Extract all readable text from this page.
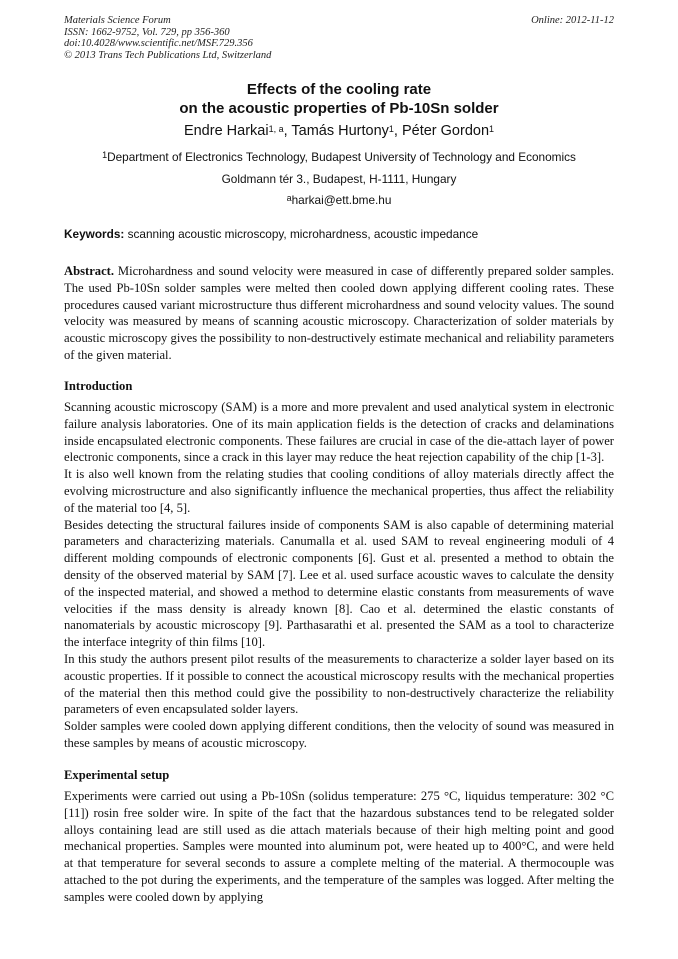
Materials Science Forum
ISSN: 1662-9752, Vol. 729, pp 356-360
doi:10.4028/www.scientific.net/MSF.729.356
© 2013 Trans Tech Publications Ltd, Switzerland
Online: 2012-11-12
Effects of the cooling rate
on the acoustic properties of Pb-10Sn solder
Endre Harkai$^{1, a}$, Tamás Hurtony$^1$, Péter Gordon$^1$
$^1$Department of Electronics Technology, Budapest University of Technology and Economics
Goldmann tér 3., Budapest, H-1111, Hungary
$^a$harkai@ett.bme.hu
Keywords: scanning acoustic microscopy, microhardness, acoustic impedance
Abstract. Microhardness and sound velocity were measured in case of differently prepared solder samples. The used Pb-10Sn solder samples were melted then cooled down applying different cooling rates. These procedures caused variant microstructure thus different microhardness and sound velocity values. The sound velocity was measured by means of scanning acoustic microscopy. Characterization of solder materials by acoustic microscopy gives the possibility to non-destructively estimate mechanical and reliability parameters of the given material.
Introduction

Scanning acoustic microscopy (SAM) is a more and more prevalent and used analytical system in electronic failure analysis laboratories. One of its main application fields is the detection of cracks and delaminations inside encapsulated electronic components. These failures are crucial in case of the die-attach layer of power electronic components, since a crack in this layer may reduce the heat rejection capability of the chip [1-3].

It is also well known from the relating studies that cooling conditions of alloy materials directly affect the evolving microstructure and also significantly influence the mechanical properties, thus affect the reliability of the material too [4, 5].

Besides detecting the structural failures inside of components SAM is also capable of determining material parameters and characterizing materials. Canumalla et al. used SAM to reveal engineering moduli of 4 different molding compounds of electronic components [6]. Gust et al. presented a method to obtain the density of the observed material by SAM [7]. Lee et al. used surface acoustic waves to calculate the density of the inspected material, and showed a method to determine elastic constants from measurements of wave velocities if the mass density is already known [8]. Cao et al. determined the elastic constants of nanomaterials by acoustic microscopy [9]. Parthasarathi et al. presented the SAM as a tool to characterize the interface integrity of thin films [10].

In this study the authors present pilot results of the measurements to characterize a solder layer based on its acoustic properties. If it possible to connect the acoustical microscopy results with the mechanical properties of the material then this method could give the possibility to non-destructively characterize the reliability parameters of even encapsulated solder layers.

Solder samples were cooled down applying different conditions, then the velocity of sound was measured in these samples by means of acoustic microscopy.

Experimental setup

Experiments were carried out using a Pb-10Sn (solidus temperature: 275 °C, liquidus temperature: 302 °C [11]) rosin free solder wire. In spite of the fact that the hazardous substances tend to be relegated solder alloys containing lead are still used as die attach materials because of their high melting point and good mechanical properties. Samples were mounted into aluminum pot, were heated up to 400°C, and were held at that temperature for several seconds to assure a complete melting of the material. A thermocouple was attached to the pot during the experiments, and the temperature of the samples was logged. After melting the samples were cooled down by applying
